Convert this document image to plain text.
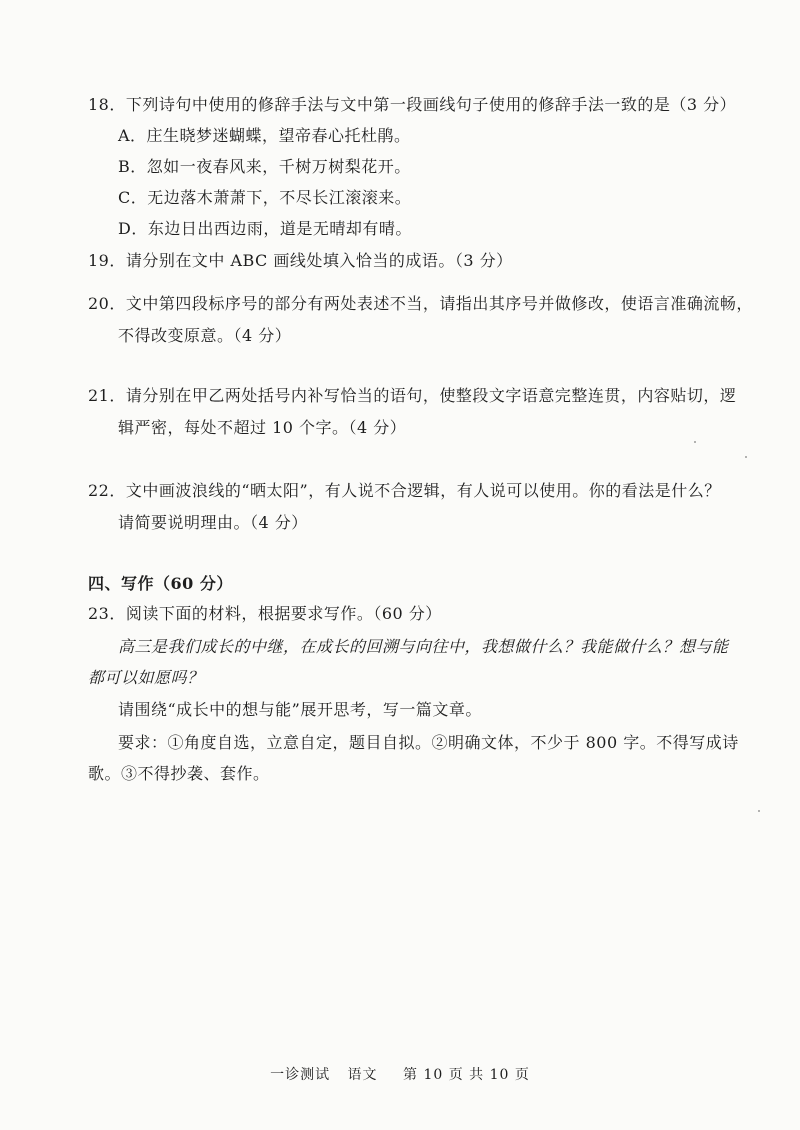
18．下列诗句中使用的修辞手法与文中第一段画线句子使用的修辞手法一致的是（3 分）
A．庄生晓梦迷蝴蝶，望帝春心托杜鹃。
B．忽如一夜春风来，千树万树梨花开。
C．无边落木萧萧下，不尽长江滚滚来。
D．东边日出西边雨，道是无晴却有晴。
19．请分别在文中 ABC 画线处填入恰当的成语。（3 分）
20．文中第四段标序号的部分有两处表述不当，请指出其序号并做修改，使语言准确流畅，
不得改变原意。（4 分）
21．请分别在甲乙两处括号内补写恰当的语句，使整段文字语意完整连贯，内容贴切，逻
辑严密，每处不超过 10 个字。（4 分）
22．文中画波浪线的“晒太阳”，有人说不合逻辑，有人说可以使用。你的看法是什么？
请简要说明理由。（4 分）
四、写作（60 分）
23．阅读下面的材料，根据要求写作。（60 分）
高三是我们成长的中继，在成长的回溯与向往中，我想做什么？我能做什么？想与能
都可以如愿吗？
请围绕“成长中的想与能”展开思考，写一篇文章。
要求：①角度自选，立意自定，题目自拟。②明确文体，不少于 800 字。不得写成诗
歌。③不得抄袭、套作。
一诊测试 语文 第 10 页 共 10 页
